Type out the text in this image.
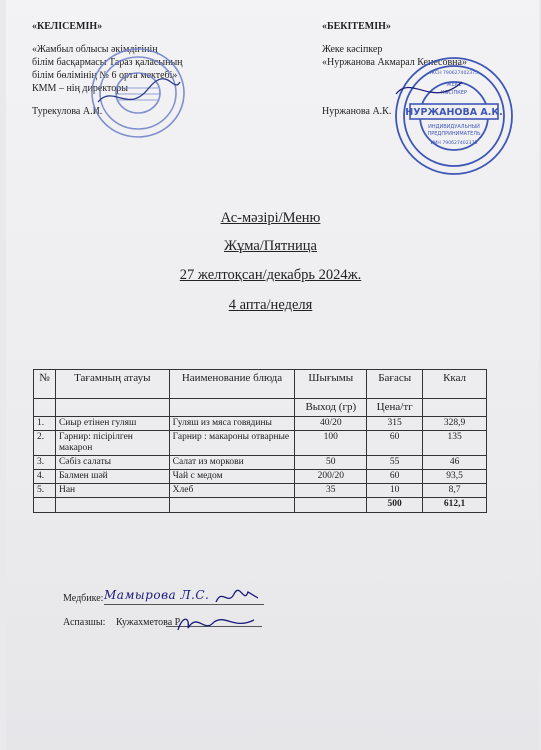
«КЕЛІСЕМІН»
«Жамбыл облысы әкімдігінің
білім басқармасы Тараз қаласының
білім бөлімінің № 6 орта мектебі»
КММ – нің директоры
Турекулова А.И.
«БЕКІТЕМІН»
Жеке кәсіпкер
«Нуржанова Акмарал Кенесовна»
Нуржанова А.К.	НУРЖАНОВА А.К.
ЖЕКЕ
КӘСІПКЕР
ИНДИВИДУАЛЬНЫЙ
ПРЕДПРИНИМАТЕЛЬ
ИИН 790627402375
ЖСН 790627402375
Ас-мәзірі/Меню
Жұма/Пятница
27 желтоқсан/декабрь 2024ж.
4 апта/неделя
№	Тағамның атауы	Наименование блюда	Шығымы	Бағасы	Ккал
			Выход (гр)	Цена/тг	
1.	Сиыр етінен гуляш	Гуляш из мяса говядины	40/20	315	328,9
2.	Гарнир: пісірілген макарон	Гарнир : макароны отварные	100	60	135
3.	Сәбіз салаты	Салат из моркови	50	55	46
4.	Балмен шәй	Чай с медом	200/20	60	93,5
5.	Нан	Хлеб	35	10	8,7
				500	612,1
Медбике: Мамырова Л.С.
Аспазшы: Кужахметова Р.
